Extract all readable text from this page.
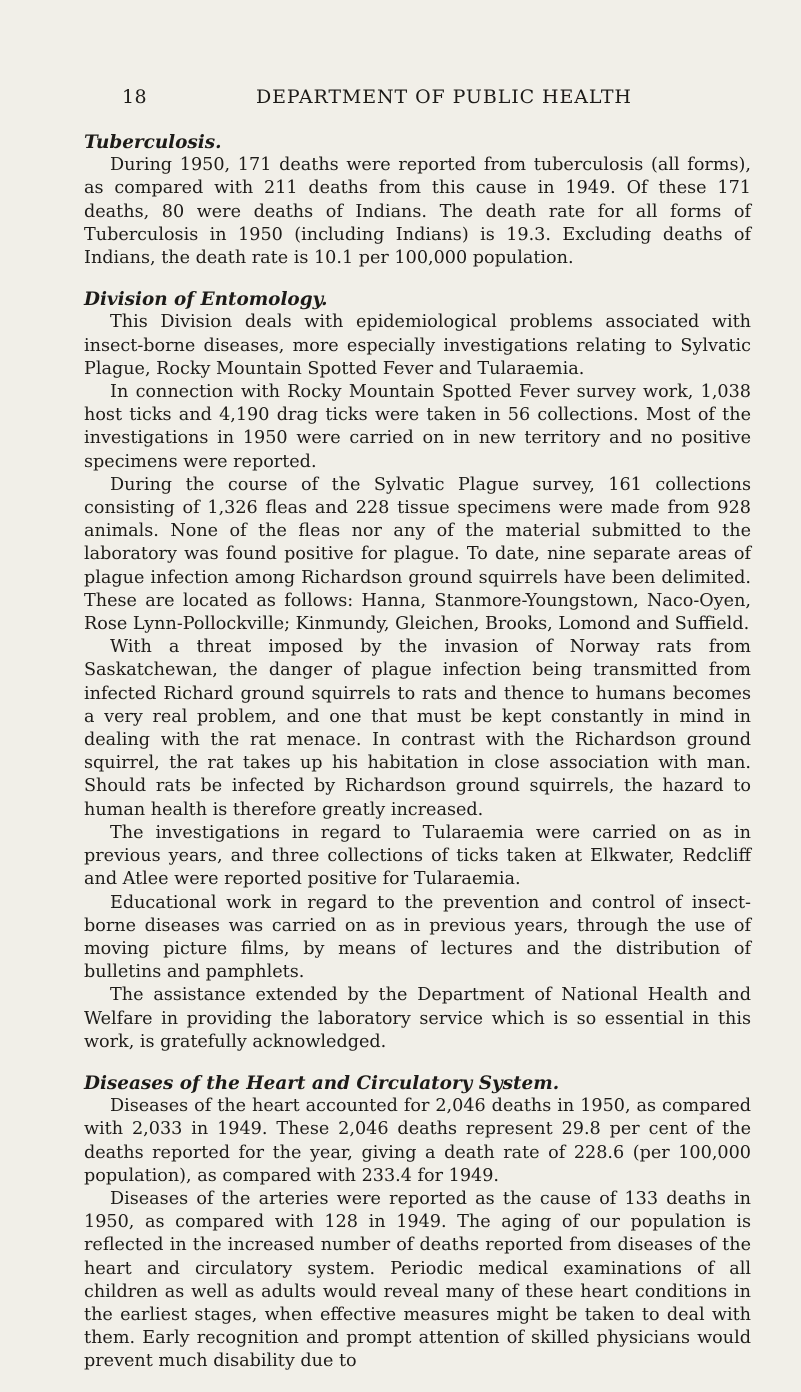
18	DEPARTMENT OF PUBLIC HEALTH
Tuberculosis.

During 1950, 171 deaths were reported from tuberculosis (all forms), as compared with 211 deaths from this cause in 1949. Of these 171 deaths, 80 were deaths of Indians. The death rate for all forms of Tuberculosis in 1950 (including Indians) is 19.3. Excluding deaths of Indians, the death rate is 10.1 per 100,000 population.

Division of Entomology.

This Division deals with epidemiological problems associated with insect-borne diseases, more especially investigations relating to Sylvatic Plague, Rocky Mountain Spotted Fever and Tularaemia.

In connection with Rocky Mountain Spotted Fever survey work, 1,038 host ticks and 4,190 drag ticks were taken in 56 collections. Most of the investigations in 1950 were carried on in new territory and no positive specimens were reported.

During the course of the Sylvatic Plague survey, 161 collections consisting of 1,326 fleas and 228 tissue specimens were made from 928 animals. None of the fleas nor any of the material submitted to the laboratory was found positive for plague. To date, nine separate areas of plague infection among Richardson ground squirrels have been delimited. These are located as follows: Hanna, Stanmore-Youngstown, Naco-Oyen, Rose Lynn-Pollockville; Kinmundy, Gleichen, Brooks, Lomond and Suffield.

With a threat imposed by the invasion of Norway rats from Saskatchewan, the danger of plague infection being transmitted from infected Richard ground squirrels to rats and thence to humans becomes a very real problem, and one that must be kept constantly in mind in dealing with the rat menace. In contrast with the Richardson ground squirrel, the rat takes up his habitation in close association with man. Should rats be infected by Richardson ground squirrels, the hazard to human health is therefore greatly increased.

The investigations in regard to Tularaemia were carried on as in previous years, and three collections of ticks taken at Elkwater, Redcliff and Atlee were reported positive for Tularaemia.

Educational work in regard to the prevention and control of insect-borne diseases was carried on as in previous years, through the use of moving picture films, by means of lectures and the distribution of bulletins and pamphlets.

The assistance extended by the Department of National Health and Welfare in providing the laboratory service which is so essential in this work, is gratefully acknowledged.

Diseases of the Heart and Circulatory System.

Diseases of the heart accounted for 2,046 deaths in 1950, as compared with 2,033 in 1949. These 2,046 deaths represent 29.8 per cent of the deaths reported for the year, giving a death rate of 228.6 (per 100,000 population), as compared with 233.4 for 1949.

Diseases of the arteries were reported as the cause of 133 deaths in 1950, as compared with 128 in 1949. The aging of our population is reflected in the increased number of deaths reported from diseases of the heart and circulatory system. Periodic medical examinations of all children as well as adults would reveal many of these heart conditions in the earliest stages, when effective measures might be taken to deal with them. Early recognition and prompt attention of skilled physicians would prevent much disability due to
